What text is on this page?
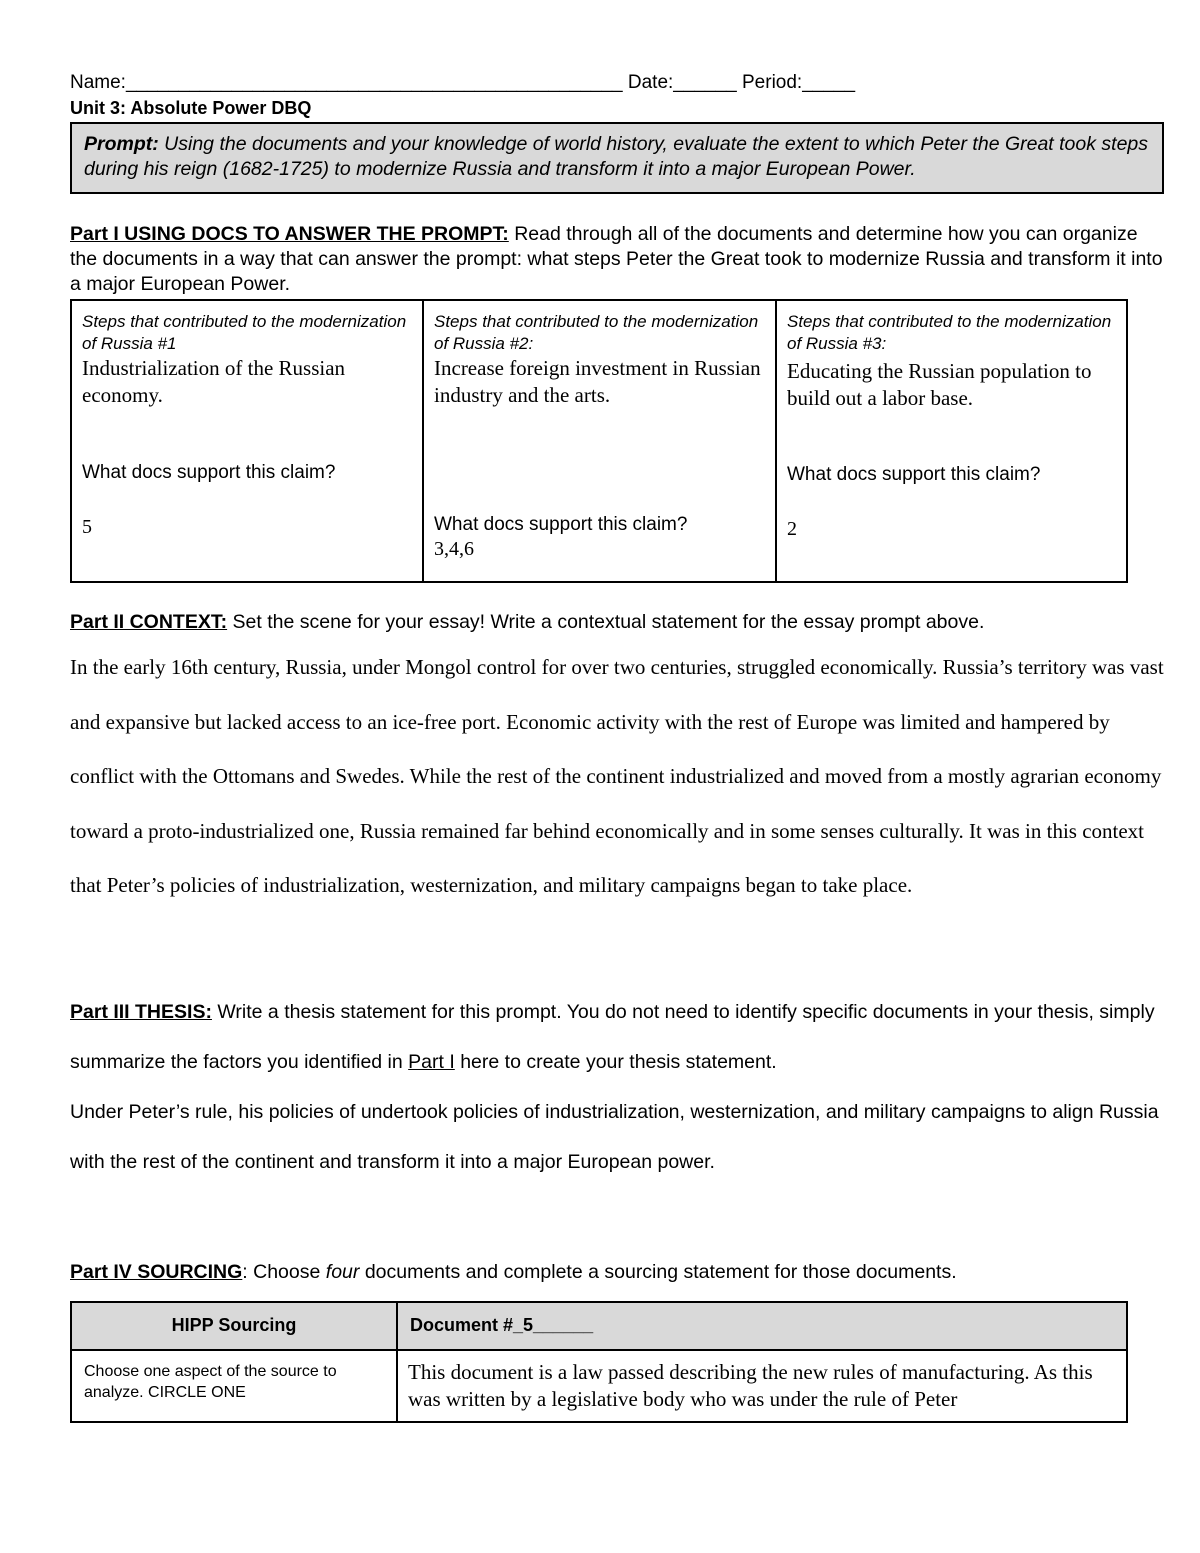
Name:_______________________________________________ Date:______ Period:_____
Unit 3: Absolute Power DBQ
Prompt: Using the documents and your knowledge of world history, evaluate the extent to which Peter the Great took steps during his reign (1682-1725) to modernize Russia and transform it into a major European Power.
Part I USING DOCS TO ANSWER THE PROMPT: Read through all of the documents and determine how you can organize the documents in a way that can answer the prompt: what steps Peter the Great took to modernize Russia and transform it into a major European Power.
Steps that contributed to the modernization of Russia #1
Industrialization of the Russian economy.
What docs support this claim?
5

Steps that contributed to the modernization of Russia #2:
Increase foreign investment in Russian industry and the arts.
What docs support this claim?
3,4,6

Steps that contributed to the modernization of Russia #3:
Educating the Russian population to build out a labor base.
What docs support this claim?
2
Part II CONTEXT: Set the scene for your essay! Write a contextual statement for the essay prompt above.
In the early 16th century, Russia, under Mongol control for over two centuries, struggled economically. Russia’s territory was vast and expansive but lacked access to an ice-free port. Economic activity with the rest of Europe was limited and hampered by conflict with the Ottomans and Swedes. While the rest of the continent industrialized and moved from a mostly agrarian economy toward a proto-industrialized one, Russia remained far behind economically and in some senses culturally. It was in this context that Peter’s policies of industrialization, westernization, and military campaigns began to take place.
Part III THESIS: Write a thesis statement for this prompt. You do not need to identify specific documents in your thesis, simply summarize the factors you identified in Part I here to create your thesis statement.
Under Peter’s rule, his policies of undertook policies of industrialization, westernization, and military campaigns to align Russia with the rest of the continent and transform it into a major European power.
Part IV SOURCING: Choose four documents and complete a sourcing statement for those documents.
HIPP Sourcing	Document #_5______
Choose one aspect of the source to analyze. CIRCLE ONE	This document is a law passed describing the new rules of manufacturing. As this was written by a legislative body who was under the rule of Peter
